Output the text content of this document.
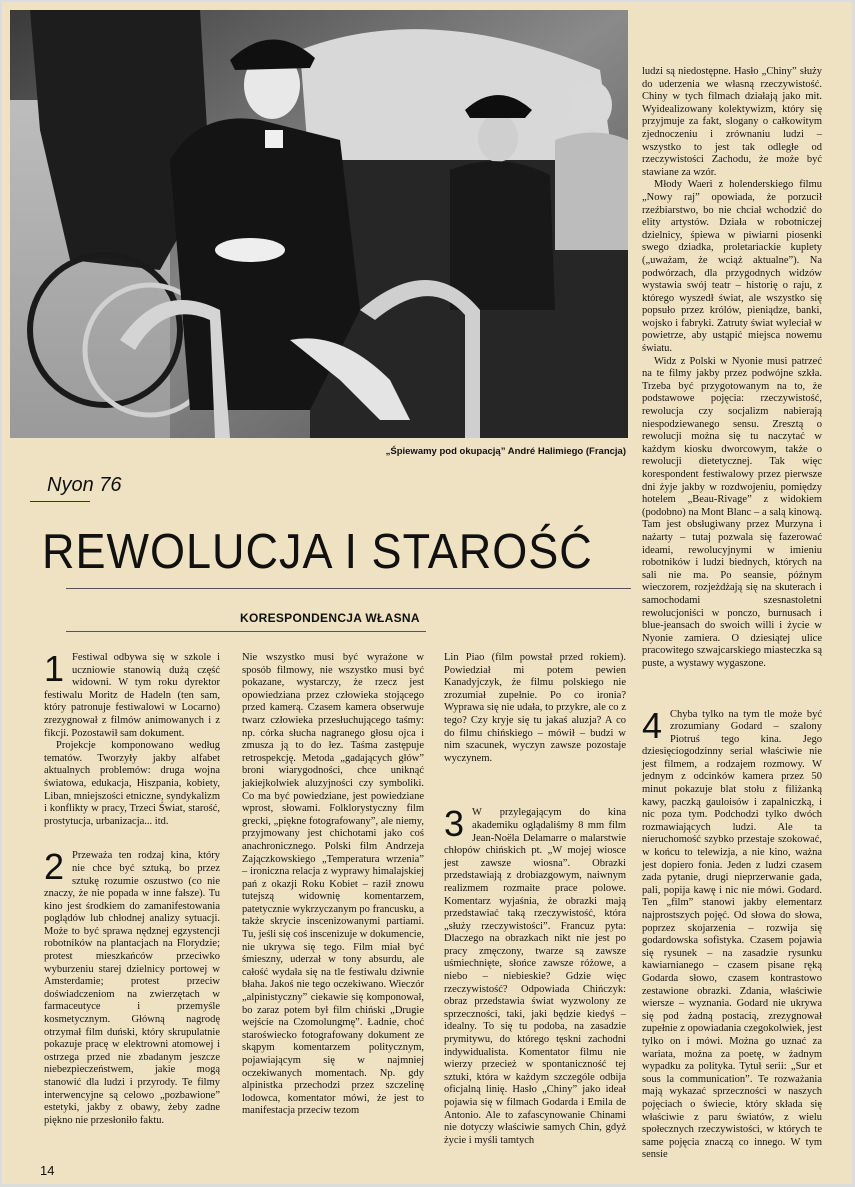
„Śpiewamy pod okupacją” André Halimiego (Francja)
Nyon 76
REWOLUCJA I STAROŚĆ
KORESPONDENCJA WŁASNA

1 Festiwal odbywa się w szkole i uczniowie stanowią dużą część widowni. W tym roku dyrektor festiwalu Moritz de Hadeln (ten sam, który patronuje festiwalowi w Locarno) zrezygnował z filmów animowanych i z fikcji. Pozostawił sam dokument.

Projekcje komponowano według tematów. Tworzyły jakby alfabet aktualnych problemów: druga wojna światowa, edukacja, Hiszpania, kobiety, Liban, mniejszości etniczne, syndykalizm i konflikty w pracy, Trzeci Świat, starość, prostytucja, urbanizacja... itd.

2 Przeważa ten rodzaj kina, który nie chce być sztuką, bo przez sztukę rozumie oszustwo (co nie znaczy, że nie popada w inne fałsze). Tu kino jest środkiem do zamanifestowania poglądów lub chłodnej analizy sytuacji. Może to być sprawa nędznej egzystencji robotników na plantacjach na Florydzie; protest mieszkańców przeciwko wyburzeniu starej dzielnicy portowej w Amsterdamie; protest przeciw doświadczeniom na zwierzętach w farmaceutyce i przemyśle kosmetycznym. Główną nagrodę otrzymał film duński, który skrupulatnie pokazuje pracę w elektrowni atomowej i ostrzega przed nie zbadanym jeszcze niebezpieczeństwem, jakie mogą stanowić dla ludzi i przyrody. Te filmy interwencyjne są celowo „pozbawione” estetyki, jakby z obawy, żeby zadne piękno nie przesłoniło faktu.

Nie wszystko musi być wyrażone w sposób filmowy, nie wszystko musi być pokazane, wystarczy, że rzecz jest opowiedziana przez człowieka stojącego przed kamerą. Czasem kamera obserwuje twarz człowieka przesłuchującego taśmy: np. córka słucha nagranego głosu ojca i zmusza ją to do łez. Taśma zastępuje retrospekcję. Metoda „gadających głów” broni wiarygodności, chce uniknąć jakiejkolwiek aluzyjności czy symboliki. Co ma być powiedziane, jest powiedziane wprost, słowami. Folklorystyczny film grecki, „piękne fotografowany”, ale niemy, przyjmowany jest chichotami jako coś anachronicznego. Polski film Andrzeja Zajączkowskiego „Temperatura wrzenia” – ironiczna relacja z wyprawy himalajskiej pań z okazji Roku Kobiet – raził znowu tutejszą widownię komentarzem, patetycznie wykrzyczanym po francusku, a także skrycie inscenizowanymi partiami. Tu, jeśli się coś inscenizuje w dokumencie, nie ukrywa się tego. Film miał być śmieszny, uderzał w tony absurdu, ale całość wydała się na tle festiwalu dziwnie błaha. Jakoś nie tego oczekiwano. Wieczór „alpinistyczny” ciekawie się komponował, bo zaraz potem był film chiński „Drugie wejście na Czomolungmę”. Ładnie, choć staroświecko fotografowany dokument ze skąpym komentarzem politycznym, pojawiającym się w najmniej oczekiwanych momentach. Np. gdy alpinistka przechodzi przez szczelinę lodowca, komentator mówi, że jest to manifestacja przeciw tezom

Lin Piao (film powstał przed rokiem). Powiedział mi potem pewien Kanadyjczyk, że filmu polskiego nie zrozumiał zupełnie. Po co ironia? Wyprawa się nie udała, to przykre, ale co z tego? Czy kryje się tu jakaś aluzja? A co do filmu chińskiego – mówił – budzi w nim szacunek, wyczyn zawsze pozostaje wyczynem.

3 W przylegającym do kina akademiku oglądaliśmy 8 mm film Jean-Noëla Delamarre o malarstwie chłopów chińskich pt. „W mojej wiosce jest zawsze wiosna”. Obrazki przedstawiają z drobiazgowym, naiwnym realizmem rozmaite prace polowe. Komentarz wyjaśnia, że obrazki mają przedstawiać taką rzeczywistość, która „służy rzeczywistości”. Francuz pyta: Dlaczego na obrazkach nikt nie jest po pracy zmęczony, twarze są zawsze uśmiechnięte, słońce zawsze różowe, a niebo – niebieskie? Gdzie więc rzeczywistość? Odpowiada Chińczyk: obraz przedstawia świat wyzwolony ze sprzeczności, taki, jaki będzie kiedyś – idealny. To się tu podoba, na zasadzie prymitywu, do którego tęskni zachodni indywidualista. Komentator filmu nie wierzy przecież w spontaniczność tej sztuki, która w każdym szczególe odbija oficjalną linię. Hasło „Chiny” jako ideał pojawia się w filmach Godarda i Emila de Antonio. Ale to zafascynowanie Chinami nie dotyczy właściwie samych Chin, gdyż życie i myśli tamtych

ludzi są niedostępne. Hasło „Chiny” służy do uderzenia we własną rzeczywistość. Chiny w tych filmach działają jako mit. Wyidealizowany kolektywizm, który się przyjmuje za fakt, slogany o całkowitym zjednoczeniu i zrównaniu ludzi – wszystko to jest tak odległe od rzeczywistości Zachodu, że może być stawiane za wzór.

Młody Waeri z holenderskiego filmu „Nowy raj” opowiada, że porzucił rzeźbiarstwo, bo nie chciał wchodzić do elity artystów. Działa w robotniczej dzielnicy, śpiewa w piwiarni piosenki swego dziadka, proletariackie kuplety („uważam, że wciąż aktualne”). Na podwórzach, dla przygodnych widzów wystawia swój teatr – historię o raju, z którego wyszedł świat, ale wszystko się popsuło przez królów, pieniądze, banki, wojsko i fabryki. Zatruty świat wyleciał w powietrze, aby ustąpić miejsca nowemu światu.

Widz z Polski w Nyonie musi patrzeć na te filmy jakby przez podwójne szkła. Trzeba być przygotowanym na to, że podstawowe pojęcia: rzeczywistość, rewolucja czy socjalizm nabierają niespodziewanego sensu. Zresztą o rewolucji można się tu naczytać w każdym kiosku dworcowym, także o rewolucji dietetycznej. Tak więc korespondent festiwalowy przez pierwsze dni żyje jakby w rozdwojeniu, pomiędzy hotelem „Beau-Rivage” z widokiem (podobno) na Mont Blanc – a salą kinową. Tam jest obsługiwany przez Murzyna i nażarty – tutaj pozwala się fazerować ideami, rewolucyjnymi w imieniu robotników i ludzi biednych, których na sali nie ma. Po seansie, późnym wieczorem, rozjeżdżają się na skuterach i samochodami szesnastoletni rewolucjoniści w ponczo, burnusach i blue-jeansach do swoich willi i życie w Nyonie zamiera. O dziesiątej ulice pracowitego szwajcarskiego miasteczka są puste, a wystawy wygaszone.

4 Chyba tylko na tym tle może być zrozumiany Godard – szalony Piotruś tego kina. Jego dziesięciogodzinny serial właściwie nie jest filmem, a rodzajem rozmowy. W jednym z odcinków kamera przez 50 minut pokazuje blat stołu z filiżanką kawy, paczką gauloisów i zapalniczką, i nic poza tym. Podchodzi tylko dwóch rozmawiających ludzi. Ale ta nieruchomość szybko przestaje szokować, w końcu to telewizja, a nie kino, ważna jest dopiero fonia. Jeden z ludzi czasem zada pytanie, drugi nieprzerwanie gada, pali, popija kawę i nic nie mówi. Godard. Ten „film” stanowi jakby elementarz najprostszych pojęć. Od słowa do słowa, poprzez skojarzenia – rozwija się godardowska sofistyka. Czasem pojawia się rysunek – na zasadzie rysunku kawiarnianego – czasem pisane ręką Godarda słowo, czasem kontrastowo zestawione obrazki. Zdania, właściwie wiersze – wyznania. Godard nie ukrywa się pod żadną postacią, zrezygnował zupełnie z opowiadania czegokolwiek, jest tylko on i mówi. Można go uznać za wariata, można za poetę, w żadnym wypadku za polityka. Tytuł serii: „Sur et sous la communication”. Te rozważania mają wykazać sprzeczności w naszych pojęciach o świecie, który składa się właściwie z paru światów, z wielu społecznych rzeczywistości, w których te same pojęcia znaczą co innego. W tym sensie

14
